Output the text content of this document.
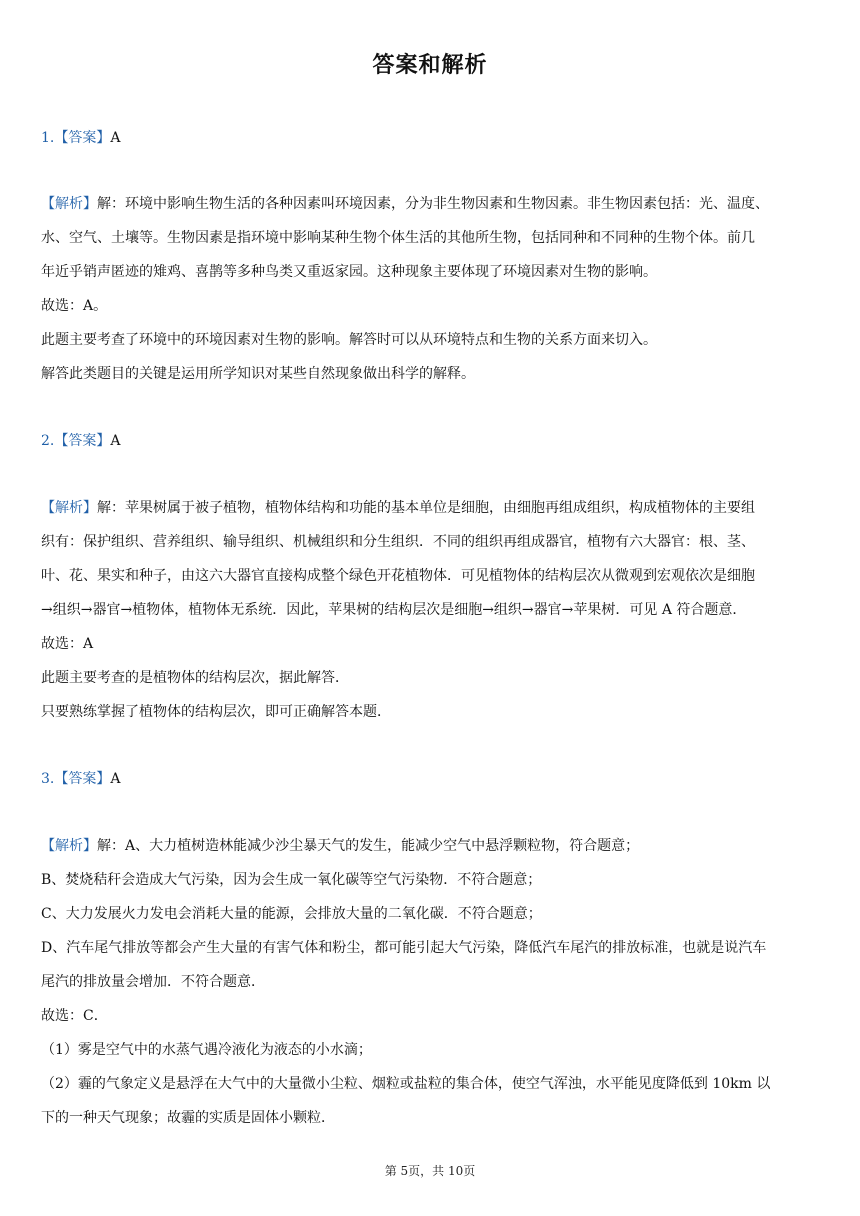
答案和解析
1.【答案】A

【解析】解：环境中影响生物生活的各种因素叫环境因素，分为非生物因素和生物因素。非生物因素包括：光、温度、

水、空气、土壤等。生物因素是指环境中影响某种生物个体生活的其他所生物，包括同种和不同种的生物个体。前几

年近乎销声匿迹的雉鸡、喜鹊等多种鸟类又重返家园。这种现象主要体现了环境因素对生物的影响。

故选：A。

此题主要考查了环境中的环境因素对生物的影响。解答时可以从环境特点和生物的关系方面来切入。

解答此类题目的关键是运用所学知识对某些自然现象做出科学的解释。

2.【答案】A

【解析】解：苹果树属于被子植物，植物体结构和功能的基本单位是细胞，由细胞再组成组织，构成植物体的主要组

织有：保护组织、营养组织、输导组织、机械组织和分生组织．不同的组织再组成器官，植物有六大器官：根、茎、

叶、花、果实和种子，由这六大器官直接构成整个绿色开花植物体．可见植物体的结构层次从微观到宏观依次是细胞

→组织→器官→植物体，植物体无系统．因此，苹果树的结构层次是细胞→组织→器官→苹果树．可见 A 符合题意．

故选：A

此题主要考查的是植物体的结构层次，据此解答．

只要熟练掌握了植物体的结构层次，即可正确解答本题．

3.【答案】A

【解析】解：A、大力植树造林能减少沙尘暴天气的发生，能减少空气中悬浮颗粒物，符合题意；

B、焚烧秸秆会造成大气污染，因为会生成一氧化碳等空气污染物．不符合题意；

C、大力发展火力发电会消耗大量的能源，会排放大量的二氧化碳．不符合题意；

D、汽车尾气排放等都会产生大量的有害气体和粉尘，都可能引起大气污染，降低汽车尾汽的排放标准，也就是说汽车

尾汽的排放量会增加．不符合题意．

故选：C．

（1）雾是空气中的水蒸气遇冷液化为液态的小水滴；

（2）霾的气象定义是悬浮在大气中的大量微小尘粒、烟粒或盐粒的集合体，使空气浑浊，水平能见度降低到 10km 以

下的一种天气现象；故霾的实质是固体小颗粒．

第 5页，共 10页
